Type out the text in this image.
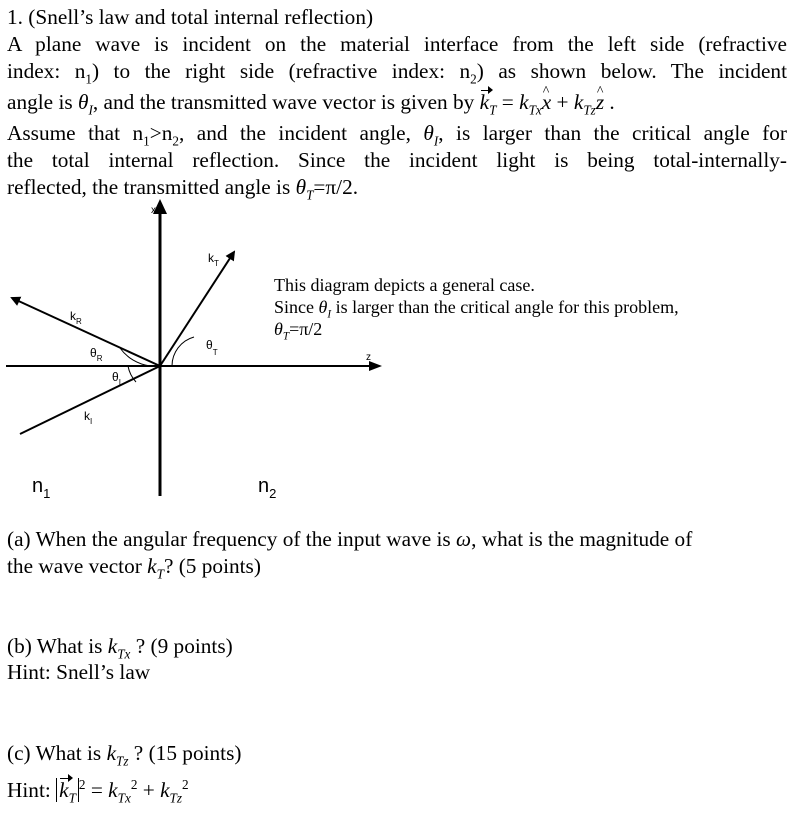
1. (Snell’s law and total internal reflection)
A plane wave is incident on the material interface from the left side (refractive
index: $n_1$) to the right side (refractive index: $n_2$) as shown below. The incident
angle is $\theta_I$, and the transmitted wave vector is given by $k_T$ = $k_{Tx}\^{}$ $x + k_{Tz}\^{}$ z .
Assume that $n_1>n_2$, and the incident angle, $\theta_I$, is larger than the critical angle for
the total internal reflection. Since the incident light is being total-internally-
reflected, the transmitted angle is $\theta_T=\pi/2$.
x
z
$k_T$
$k_R$
$k_I$
$\theta_R$
$\theta_I$
$\theta_T$
$n_1$	$n_2$
This diagram depicts a general case.
Since $\theta_I$ is larger than the critical angle for this problem,
$\theta_T=\pi/2$
(a) When the angular frequency of the input wave is ω, what is the magnitude of
the wave vector $k_T$? (5 points)
(b) What is $k_{Tx}$ ? (9 points)
Hint: Snell’s law
(c) What is $k_{Tz}$ ? (15 points)
Hint: $k_T^2 = k_{Tx}^2 + k_{Tz}^2$
